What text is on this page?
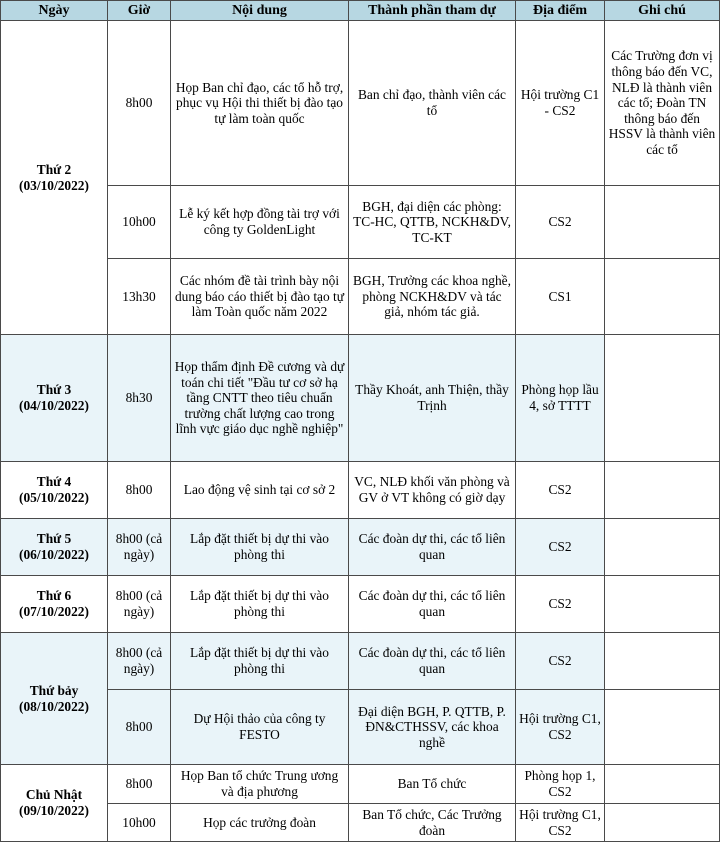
Ngày	Giờ	Nội dung	Thành phần tham dự	Địa điểm	Ghi chú

Thứ 2
(03/10/2022)	8h00	Họp Ban chỉ đạo, các tổ hỗ trợ, phục vụ Hội thi thiết bị đào tạo tự làm toàn quốc	Ban chỉ đạo, thành viên các tổ	Hội trường C1 - CS2	Các Trường đơn vị thông báo đến VC, NLĐ là thành viên các tổ; Đoàn TN thông báo đến HSSV là thành viên các tổ
	10h00	Lễ ký kết hợp đồng tài trợ với công ty GoldenLight	BGH, đại diện các phòng: TC-HC, QTTB, NCKH&DV, TC-KT	CS2	
	13h30	Các nhóm đề tài trình bày nội dung báo cáo thiết bị đào tạo tự làm Toàn quốc năm 2022	BGH, Trưởng các khoa nghề, phòng NCKH&DV và tác giả, nhóm tác giả.	CS1	

Thứ 3
(04/10/2022)	8h30	Họp thẩm định Đề cương và dự toán chi tiết "Đầu tư cơ sở hạ tầng CNTT theo tiêu chuẩn trường chất lượng cao trong lĩnh vực giáo dục nghề nghiệp"	Thầy Khoát, anh Thiện, thầy Trịnh	Phòng họp lầu 4, sở TTTT	

Thứ 4
(05/10/2022)	8h00	Lao động vệ sinh tại cơ sở 2	VC, NLĐ khối văn phòng và GV ở VT không có giờ dạy	CS2	

Thứ 5
(06/10/2022)	8h00 (cả ngày)	Lắp đặt thiết bị dự thi vào phòng thi	Các đoàn dự thi, các tổ liên quan	CS2	

Thứ 6
(07/10/2022)	8h00 (cả ngày)	Lắp đặt thiết bị dự thi vào phòng thi	Các đoàn dự thi, các tổ liên quan	CS2	

Thứ bảy
(08/10/2022)	8h00 (cả ngày)	Lắp đặt thiết bị dự thi vào phòng thi	Các đoàn dự thi, các tổ liên quan	CS2	
	8h00	Dự Hội thảo của công ty FESTO	Đại diện BGH, P. QTTB, P. ĐN&CTHSSV, các khoa nghề	Hội trường C1, CS2	

Chủ Nhật
(09/10/2022)	8h00	Họp Ban tổ chức Trung ương và địa phương	Ban Tổ chức	Phòng họp 1, CS2	
	10h00	Họp các trưởng đoàn	Ban Tổ chức, Các Trưởng đoàn	Hội trường C1, CS2	
